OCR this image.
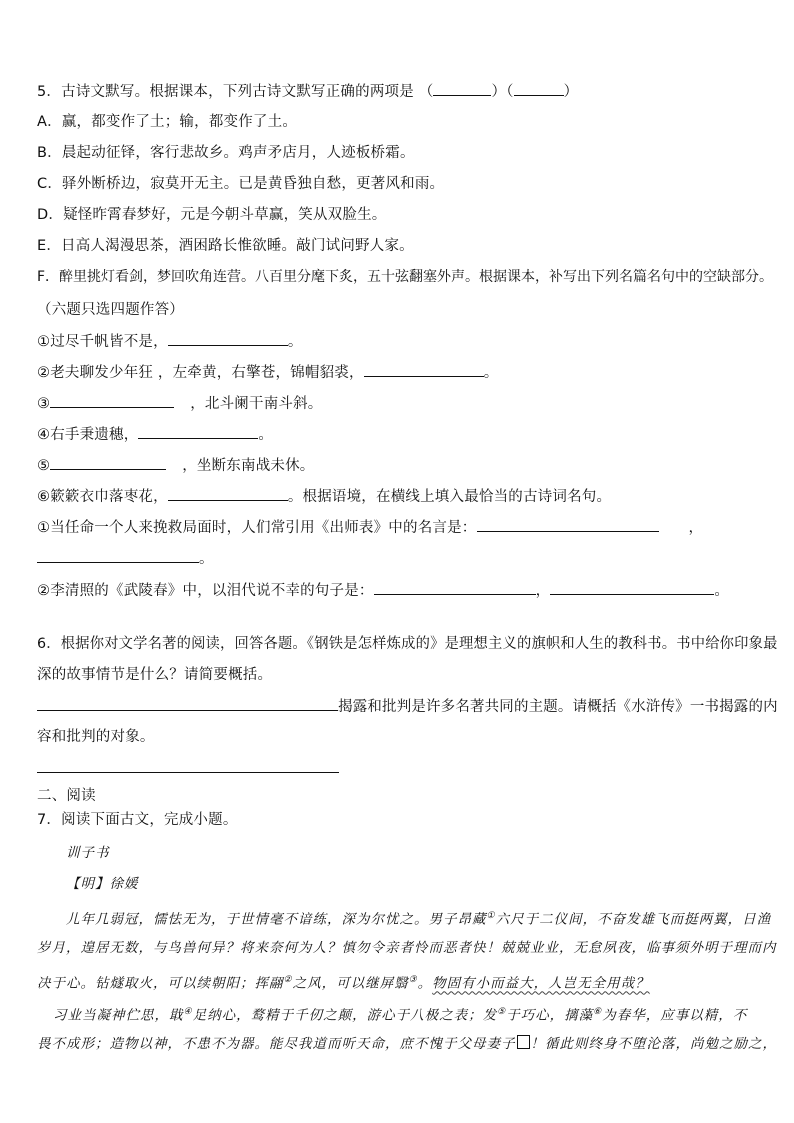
5．古诗文默写。根据课本，下列古诗文默写正确的两项是 （	）（	）
A．赢，都变作了土；输，都变作了土。
B．晨起动征铎，客行悲故乡。鸡声矛店月，人迹板桥霜。
C．驿外断桥边，寂莫开无主。已是黄昏独自愁，更著风和雨。
D．疑怪昨霄春梦好，元是今朝斗草赢，笑从双脸生。
E．日高人渴漫思茶，酒困路长惟欲睡。敲门试问野人家。
F．醉里挑灯看剑，梦回吹角连营。八百里分麾下炙，五十弦翻塞外声。根据课本，补写出下列名篇名句中的空缺部分。
（六题只选四题作答）
①过尽千帆皆不是，	。
②老夫聊发少年狂 ，左牵黄，右擎苍，锦帽貂裘，	。
③	，北斗阑干南斗斜。
④右手秉遗穗，	。
⑤	，坐断东南战未休。
⑥簌簌衣巾落枣花，	。根据语境，在横线上填入最恰当的古诗词名句。
①当任命一个人来挽救局面时，人们常引用《出师表》中的名言是：	，
。
②李清照的《武陵春》中，以泪代说不幸的句子是：	，	。
6．根据你对文学名著的阅读，回答各题。《钢铁是怎样炼成的》是理想主义的旗帜和人生的教科书。书中给你印象最
深的故事情节是什么？请简要概括。
揭露和批判是许多名著共同的主题。请概括《水浒传》一书揭露的内
容和批判的对象。
二、阅读
7．阅读下面古文，完成小题。
训子书
【明】徐媛
儿年几弱冠，懦怯无为，于世情毫不谙练，深为尔忧之。男子昂藏①六尺于二仪间，不奋发雄飞而挺两翼，日渔
岁月，遑居无数，与鸟兽何异？将来奈何为人？慎勿令亲者怜而恶者快！兢兢业业，无怠夙夜，临事须外明于理而内
决于心。钻燧取火，可以续朝阳；挥翮②之风，可以继屏翳③。物固有小而益大，人岂无全用哉？
习业当凝神伫思，戢④足纳心，鹜精于千仞之颠，游心于八极之表；发⑤于巧心，摛藻⑥为春华，应事以精，不
畏不成形；造物以神，不患不为器。能尽我道而听天命，庶不愧于父母妻子 ！循此则终身不堕沦落，尚勉之励之，
